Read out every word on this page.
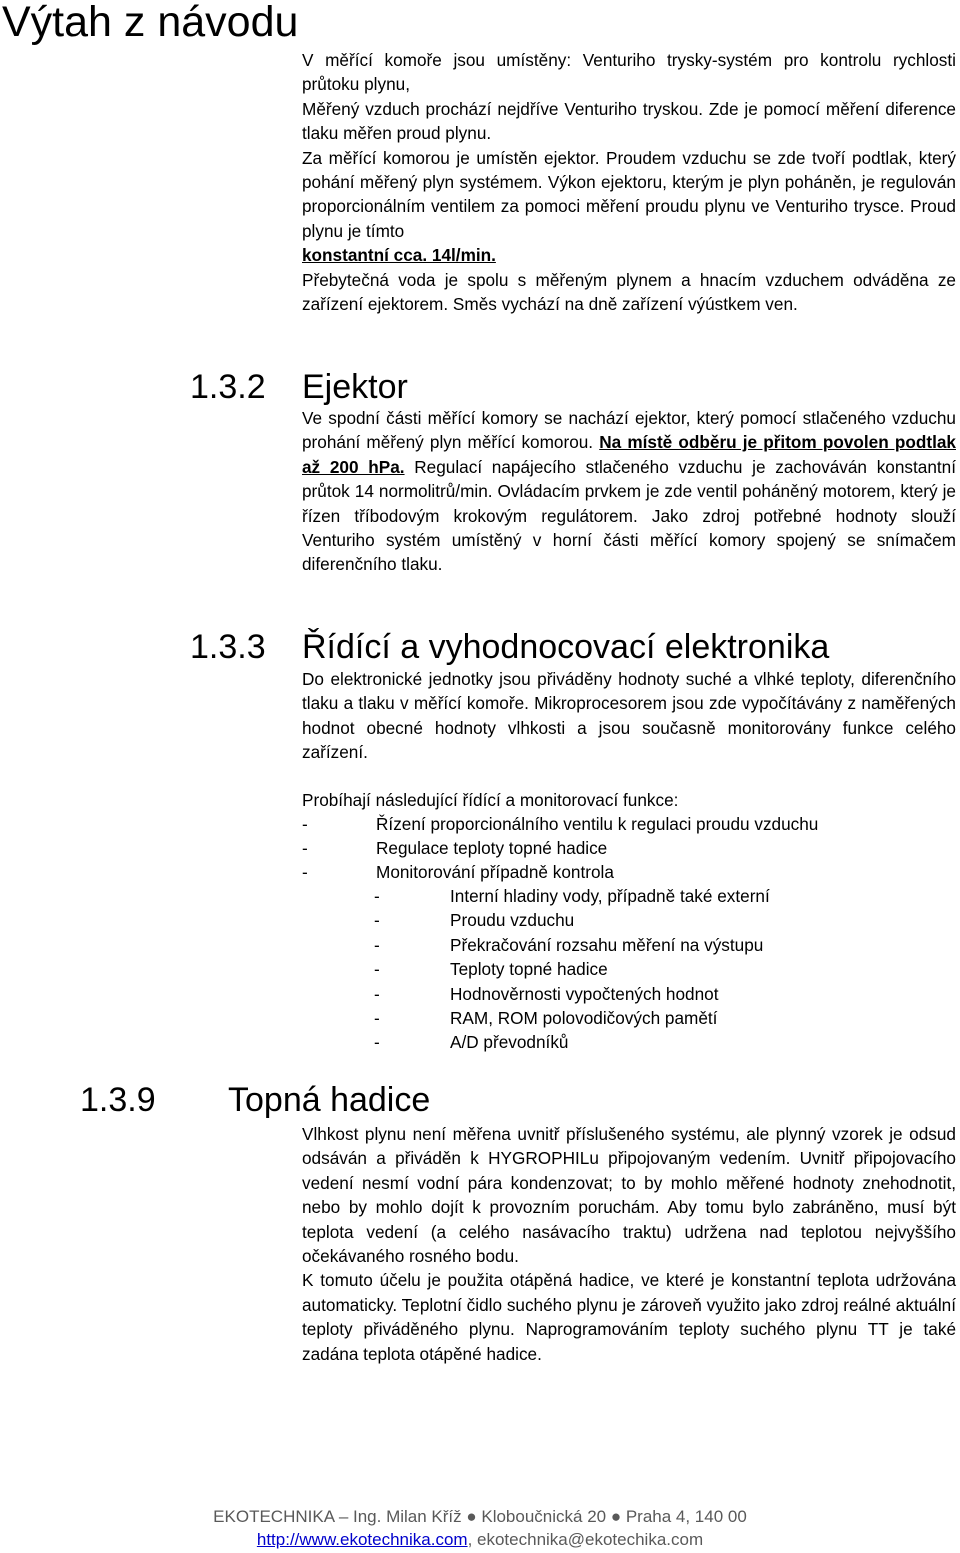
Výtah z návodu
V měřící komoře jsou umístěny: Venturiho trysky-systém pro kontrolu rychlosti průtoku plynu,
Měřený vzduch prochází nejdříve Venturiho tryskou. Zde je pomocí měření diference tlaku měřen proud plynu.
Za měřící komorou je umístěn ejektor. Proudem vzduchu se zde tvoří podtlak, který pohání měřený plyn systémem. Výkon ejektoru, kterým je plyn poháněn, je regulován proporcionálním ventilem za pomoci měření proudu plynu ve Venturiho trysce. Proud plynu je tímto
konstantní cca. 14l/min.
Přebytečná voda je spolu s měřeným plynem a hnacím vzduchem odváděna ze zařízení ejektorem. Směs vychází na dně zařízení výústkem ven.
1.3.2 Ejektor
Ve spodní části měřící komory se nachází ejektor, který pomocí stlačeného vzduchu prohání měřený plyn měřící komorou. Na místě odběru je přitom povolen podtlak až 200 hPa. Regulací napájecího stlačeného vzduchu je zachováván konstantní průtok 14 normolitrů/min. Ovládacím prvkem je zde ventil poháněný motorem, který je řízen tříbodovým krokovým regulátorem. Jako zdroj potřebné hodnoty slouží Venturiho systém umístěný v horní části měřící komory spojený se snímačem diferenčního tlaku.
1.3.3 Řídící a vyhodnocovací elektronika
Do elektronické jednotky jsou přiváděny hodnoty suché a vlhké teploty, diferenčního tlaku a tlaku v měřící komoře. Mikroprocesorem jsou zde vypočítávány z naměřených hodnot obecné hodnoty vlhkosti a jsou současně monitorovány funkce celého zařízení.
Probíhají následující řídící a monitorovací funkce:
-	Řízení proporcionálního ventilu k regulaci proudu vzduchu
-	Regulace teploty topné hadice
-	Monitorování případně kontrola
-	Interní hladiny vody, případně také externí
-	Proudu vzduchu
-	Překračování rozsahu měření na výstupu
-	Teploty topné hadice
-	Hodnověrnosti vypočtených hodnot
-	RAM, ROM polovodičových pamětí
-	A/D převodníků
1.3.9 Topná hadice
Vlhkost plynu není měřena uvnitř příslušeného systému, ale plynný vzorek je odsud odsáván a přiváděn k HYGROPHILu připojovaným vedením. Uvnitř připojovacího vedení nesmí vodní pára kondenzovat; to by mohlo měřené hodnoty znehodnotit, nebo by mohlo dojít k provozním poruchám. Aby tomu bylo zabráněno, musí být teplota vedení (a celého nasávacího traktu) udržena nad teplotou nejvyššího očekávaného rosného bodu.
K tomuto účelu je použita otápěná hadice, ve které je konstantní teplota udržována automaticky. Teplotní čidlo suchého plynu je zároveň využito jako zdroj reálné aktuální teploty přiváděného plynu. Naprogramováním teploty suchého plynu TT je také zadána teplota otápěné hadice.
EKOTECHNIKA – Ing. Milan Kříž ● Kloboučnická 20 ● Praha 4, 140 00
http://www.ekotechnika.com, ekotechnika@ekotechika.com
